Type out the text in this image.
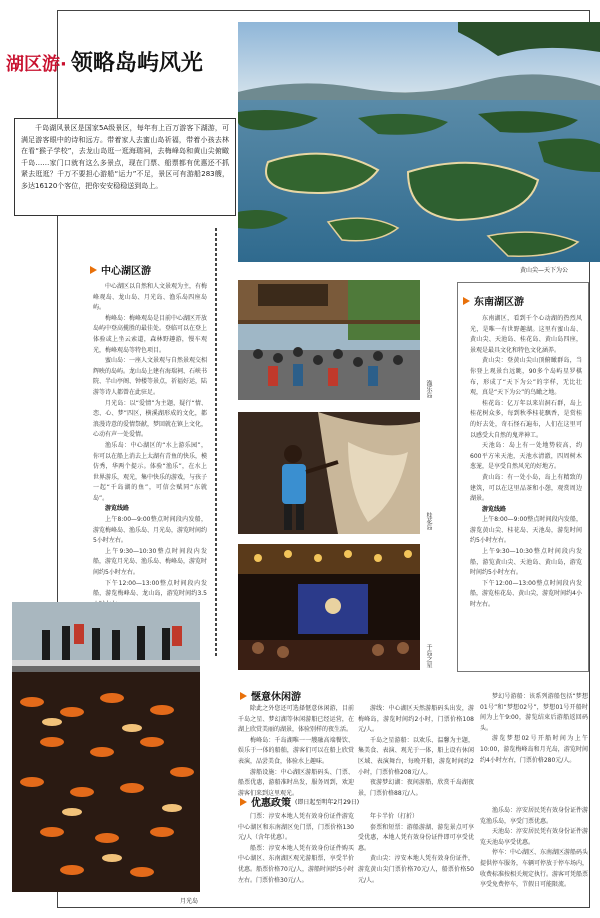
湖区游· 领略岛屿风光
黄山尖—天下为公
千岛湖风景区是国家5A级景区，每年有上百万游客下湖游，可满足游客眼中的诗和远方。带着家人去蜜山岛祈福，带着小孩去林在看“猴子学校”，去龙山岛逛一逛海瑞祠，去梅峰岛和黄山尖俯瞰千岛……家门口就有这么多景点，现在门票、船票都有优惠还不抓紧去逛逛？千万不要担心游船“运力”不足，景区可有游船283艘，多达16120个客位，把你安安稳稳送到岛上。
中心湖区游

中心湖区以自然和人文景观为主，有梅峰观岛、龙山岛、月光岛、渔乐岛四座岛屿。

梅峰岛：梅峰观岛是目前中心湖区开放岛屿中登高揽胜的最佳处。登临可以在登上体验或上坐云索道，森林野趣游，慢车观光，梅峰观岛等特色项目。

蜜山岛：一座人文景观与自然景观交相辉映的岛屿。龙山岛上建有海瑞祠、石峡书院、半山亭阁、钟楼等景点，祈福好运，陆游等诗人都曾在此驻足。

月光岛：以“爱情”为主题，疑行“情、恋、心、梦”四区，横溪湖形成的文化，都浪漫诗意的爱情祭献，梦回就在镇上文化，心动有声一处爱情。

渔乐岛：中心湖区的“水上游乐园”，你可以在船上消去上太湖有青鱼的快乐，模仿秀，华两个提示。体验“渔乐”，在水上世界游乐，观光，集中快乐的游戏，与孩子一起“千岛湖的鱼”，可信会赋同“东就岛”。

游览线路

上午8:00—9:00整点时间段内发船，游览梅峰岛、渔乐岛、月光岛，游览时间约5小时左右。

上午9:30—10:30整点时间段内发船，游览月光岛、渔乐岛、梅峰岛，游览时间约5小时左右。

下午12:00—13:00整点时间段内发船，游览梅峰岛、龙山岛，游览时间约3.5

渔乐岛
桂花岛
千岛之星
东南湖区游

东南湖区，看到千个心动湖的热烈风光，是唯一有世野趣湖。这里有蜜山岛、黄山尖、天池岛、桂花岛、黄山岛四座，景观是最具文化和特色文化涵养。

黄山尖：登黄山尖山顶俯瞰群岛，当你登上观景台远眺，90多个岛屿星罗棋布，形成了“天下为公”的字样，无比壮观，真是“天下为公”的鸟瞰之地。

桂花岛：亿万年以来岩洞石群，岛上桂花树众多，每到秋季桂花飘香，是赏桂的好去处，奇石怪石遍布，人们在这里可以感受大自然的鬼斧神工。

天池岛：岛上有一处地势较高，约600平方米天池，天池水清澈，四周树木葱茏，是享受自然风光的好地方。

黄山岛：有一处小岛，岛上有精致的建筑，可以在这里品茶和小憩，观赏周边湖景。

游览线路

上午8:00—9:00整点时间段内发船，游览黄山尖、桂花岛、天池岛，游览时间约5小时左右。

上午9:30—10:30整点时间段内发船，游览黄山尖、天池岛、黄山岛，游览时间约5小时左右。

下午12:00—13:00整点时间段内发船，游览桂花岛、黄山尖，游览时间约4小时左右。

月光岛
惬意休闲游

除此之外您还可选择惬意休闲游，目前千岛之星、梦幻湖等休闲游船已经运营，在湖上欣赏美丽的湖景，体验别样的夜生活。

梅峰岛：千岛湖唯一一艘融高端餐饮、娱乐于一体的船舶，游客们可以在船上欣赏表演，品尝美食，体验水上趣味。

游船设施：中心湖区游船码头、门票、船票优惠，游船准时出发，服务周到，欢迎游客们来到这里观光。

游线：中心湖区天然游船码头出发，游梅峰岛，游览时间约2小时，门票价格108元/人。

千岛之星游船：以欢乐、温馨为主题，集美食、表演、观光于一体，船上设有休闲区域、表演舞台，每晚开船，游览时间约2小时，门票价格208元/人。

夜游梦幻湖：夜间游船，欣赏千岛湖夜景，门票价格88元/人。

梦幻号游船：该系列游船包括“梦想01号”和“梦想02号”，梦想01号开船时间为上午9:00，游览结束后游船返回码头。

游览梦想02号开船时间为上午10:00，游览梅峰岛和月光岛，游览时间约4小时左右，门票价格280元/人。

优惠政策 (即日起至明年2月29日)

门票：淳安本地人凭有效身份证件游览中心湖区和东南湖区免门票，门票价格130元/人（含年优惠）。

船票：淳安本地人凭有效身份证件购买中心湖区、东南湖区观光游船票，享受半价优惠。船票价格70元/人，游船时间约5小时左右。门票价格30元/人。

年卡半价（打折）

套票和短票：游船游湖、游览景点可享受优惠，本地人凭有效身份证件即可享受优惠。

黄山尖：淳安本地人凭有效身份证件，游览黄山尖门票价格70元/人，船票价格50元/人。

渔乐岛：淳安居民凭有效身份证件游览渔乐岛，享受门票优惠。

天池岛：淳安居民凭有效身份证件游览天池岛享受优惠。

停车：中心湖区、东南湖区游船码头提供停车服务，车辆可停放于停车场内，收费标准按相关规定执行。游客可凭船票享受免费停车，节假日可能限流。
